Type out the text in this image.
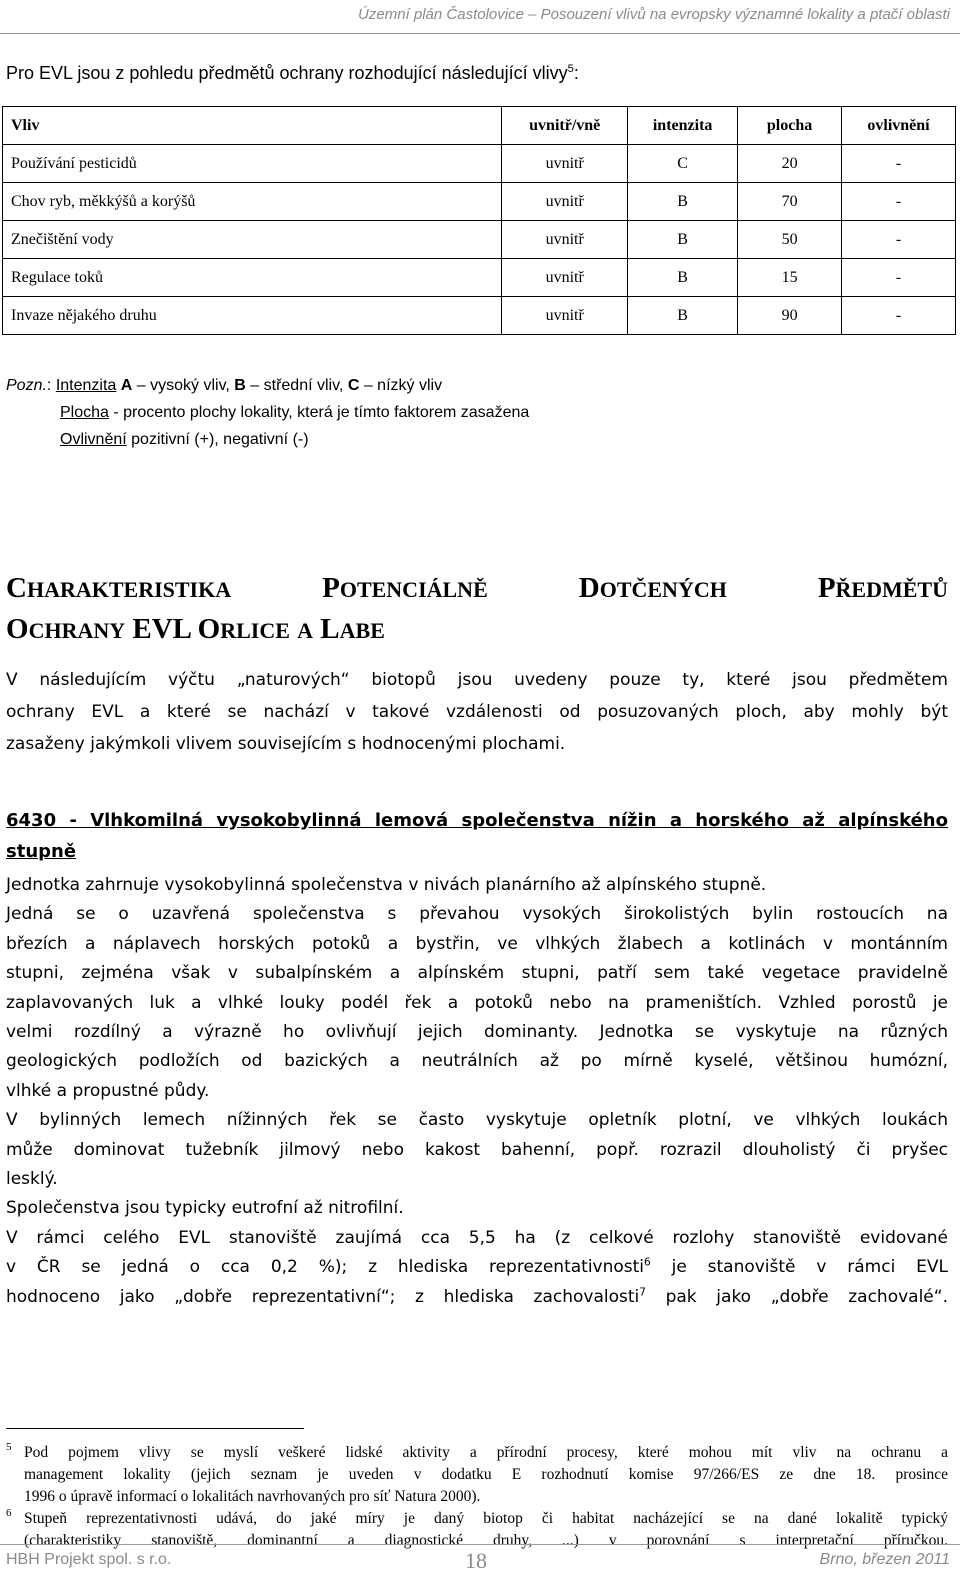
Územní plán Častolovice – Posouzení vlivů na evropsky významné lokality a ptačí oblasti
Pro EVL jsou z pohledu předmětů ochrany rozhodující následující vlivy$^5$:
Vliv	uvnitř/vně	intenzita	plocha	ovlivnění
Používání pesticidů	uvnitř	C	20	-
Chov ryb, měkkýšů a korýšů	uvnitř	B	70	-
Znečištění vody	uvnitř	B	50	-
Regulace toků	uvnitř	B	15	-
Invaze nějakého druhu	uvnitř	B	90	-
Pozn.: Intenzita A – vysoký vliv, B – střední vliv, C – nízký vliv
Plocha - procento plochy lokality, která je tímto faktorem zasažena
Ovlivnění pozitivní (+), negativní (-)
CHARAKTERISTIKA	POTENCIÁLNĚ	DOTČENÝCH	PŘEDMĚTŮ
OCHRANY EVL ORLICE A LABE
V následujícím výčtu „naturových“ biotopů jsou uvedeny pouze ty, které jsou předmětem
ochrany EVL a které se nachází v takové vzdálenosti od posuzovaných ploch, aby mohly být
zasaženy jakýmkoli vlivem souvisejícím s hodnocenými plochami.
6430 - Vlhkomilná vysokobylinná lemová společenstva nížin a horského až alpínského
stupně
Jednotka zahrnuje vysokobylinná společenstva v nivách planárního až alpínského stupně.
Jedná se o uzavřená společenstva s převahou vysokých širokolistých bylin rostoucích na
březích a náplavech horských potoků a bystřin, ve vlhkých žlabech a kotlinách v montánním
stupni, zejména však v subalpínském a alpínském stupni, patří sem také vegetace pravidelně
zaplavovaných luk a vlhké louky podél řek a potoků nebo na prameništích. Vzhled porostů je
velmi rozdílný a výrazně ho ovlivňují jejich dominanty. Jednotka se vyskytuje na různých
geologických podložích od bazických a neutrálních až po mírně kyselé, většinou humózní,
vlhké a propustné půdy.
V bylinných lemech nížinných řek se často vyskytuje opletník plotní, ve vlhkých loukách
může dominovat tužebník jilmový nebo kakost bahenní, popř. rozrazil dlouholistý či pryšec
lesklý.
Společenstva jsou typicky eutrofní až nitrofilní.
V rámci celého EVL stanoviště zaujímá cca 5,5 ha (z celkové rozlohy stanoviště evidované
v ČR se jedná o cca 0,2 %); z hlediska reprezentativnosti$^6$ je stanoviště v rámci EVL
hodnoceno jako „dobře reprezentativní“; z hlediska zachovalosti$^7$ pak jako „dobře zachovalé“.
5 Pod pojmem vlivy se myslí veškeré lidské aktivity a přírodní procesy, které mohou mít vliv na ochranu a
management lokality (jejich seznam je uveden v dodatku E rozhodnutí komise 97/266/ES ze dne 18. prosince
1996 o úpravě informací o lokalitách navrhovaných pro síť Natura 2000).
6 Stupeň reprezentativnosti udává, do jaké míry je daný biotop či habitat nacházející se na dané lokalitě typický
(charakteristiky stanoviště, dominantní a diagnostické druhy, ...) v porovnání s interpretační příručkou.
HBH Projekt spol. s r.o.	18	Brno, březen 2011
